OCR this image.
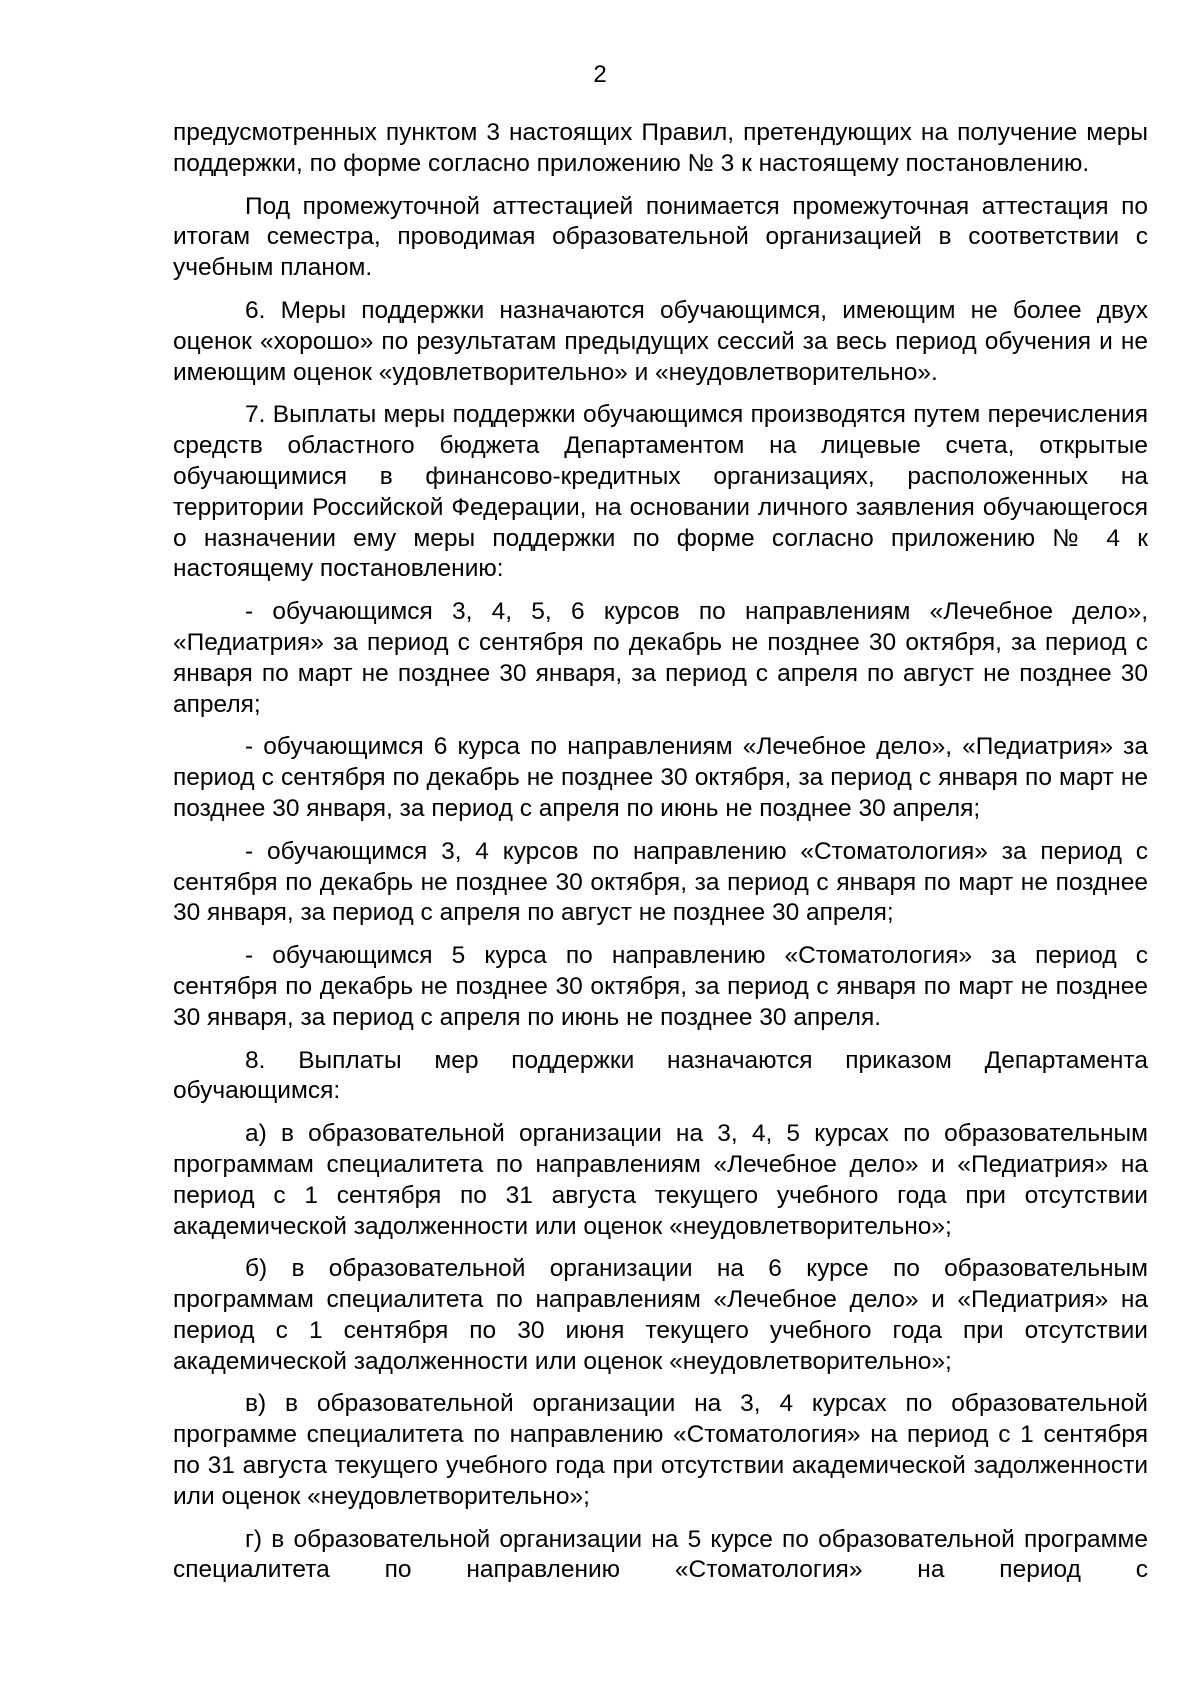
2

предусмотренных пунктом 3 настоящих Правил, претендующих на получение меры поддержки, по форме согласно приложению № 3 к настоящему постановлению.

Под промежуточной аттестацией понимается промежуточная аттестация по итогам семестра, проводимая образовательной организацией в соответствии с учебным планом.

6. Меры поддержки назначаются обучающимся, имеющим не более двух оценок «хорошо» по результатам предыдущих сессий за весь период обучения и не имеющим оценок «удовлетворительно» и «неудовлетворительно».

7. Выплаты меры поддержки обучающимся производятся путем перечисления средств областного бюджета Департаментом на лицевые счета, открытые обучающимися в финансово-кредитных организациях, расположенных на территории Российской Федерации, на основании личного заявления обучающегося о назначении ему меры поддержки по форме согласно приложению № 4 к настоящему постановлению:

- обучающимся 3, 4, 5, 6 курсов по направлениям «Лечебное дело», «Педиатрия» за период с сентября по декабрь не позднее 30 октября, за период с января по март не позднее 30 января, за период с апреля по август не позднее 30 апреля;

- обучающимся 6 курса по направлениям «Лечебное дело», «Педиатрия» за период с сентября по декабрь не позднее 30 октября, за период с января по март не позднее 30 января, за период с апреля по июнь не позднее 30 апреля;

- обучающимся 3, 4 курсов по направлению «Стоматология» за период с сентября по декабрь не позднее 30 октября, за период с января по март не позднее 30 января, за период с апреля по август не позднее 30 апреля;

- обучающимся 5 курса по направлению «Стоматология» за период с сентября по декабрь не позднее 30 октября, за период с января по март не позднее 30 января, за период с апреля по июнь не позднее 30 апреля.

8. Выплаты мер поддержки назначаются приказом Департамента обучающимся:

а) в образовательной организации на 3, 4, 5 курсах по образовательным программам специалитета по направлениям «Лечебное дело» и «Педиатрия» на период с 1 сентября по 31 августа текущего учебного года при отсутствии академической задолженности или оценок «неудовлетворительно»;

б) в образовательной организации на 6 курсе по образовательным программам специалитета по направлениям «Лечебное дело» и «Педиатрия» на период с 1 сентября по 30 июня текущего учебного года при отсутствии академической задолженности или оценок «неудовлетворительно»;

в) в образовательной организации на 3, 4 курсах по образовательной программе специалитета по направлению «Стоматология» на период с 1 сентября по 31 августа текущего учебного года при отсутствии академической задолженности или оценок «неудовлетворительно»;

г) в образовательной организации на 5 курсе по образовательной программе специалитета по направлению «Стоматология» на период с
